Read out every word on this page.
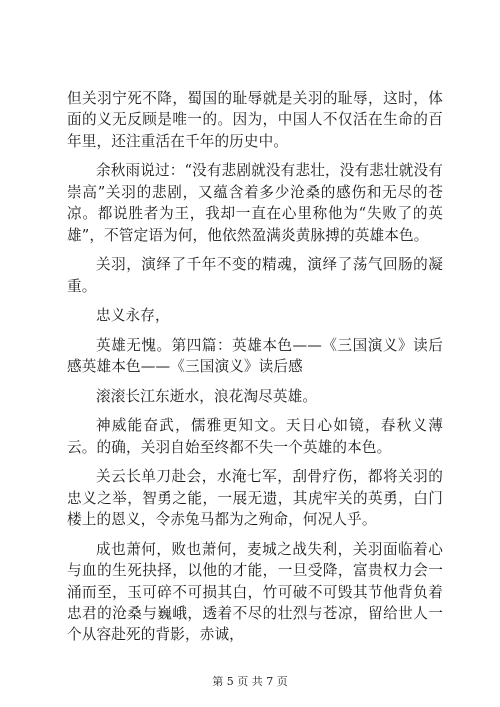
但关羽宁死不降，蜀国的耻辱就是关羽的耻辱，这时，体面的义无反顾是唯一的。因为，中国人不仅活在生命的百年里，还注重活在千年的历史中。

余秋雨说过：“没有悲剧就没有悲壮，没有悲壮就没有崇高”关羽的悲剧，又蕴含着多少沧桑的感伤和无尽的苍凉。都说胜者为王，我却一直在心里称他为“失败了的英雄”，不管定语为何，他依然盈满炎黄脉搏的英雄本色。

关羽，演绎了千年不变的精魂，演绎了荡气回肠的凝重。

忠义永存，

英雄无愧。第四篇：英雄本色——《三国演义》读后感英雄本色——《三国演义》读后感

滚滚长江东逝水，浪花淘尽英雄。

神威能奋武，儒雅更知文。天日心如镜，春秋义薄云。的确，关羽自始至终都不失一个英雄的本色。

关云长单刀赴会，水淹七军，刮骨疗伤，都将关羽的忠义之举，智勇之能，一展无遗，其虎牢关的英勇，白门楼上的恩义，令赤兔马都为之殉命，何况人乎。

成也萧何，败也萧何，麦城之战失利，关羽面临着心与血的生死抉择，以他的才能，一旦受降，富贵权力会一涌而至，玉可碎不可损其白，竹可破不可毁其节他背负着忠君的沧桑与巍峨，透着不尽的壮烈与苍凉，留给世人一个从容赴死的背影，赤诚，

第 5 页 共 7 页
